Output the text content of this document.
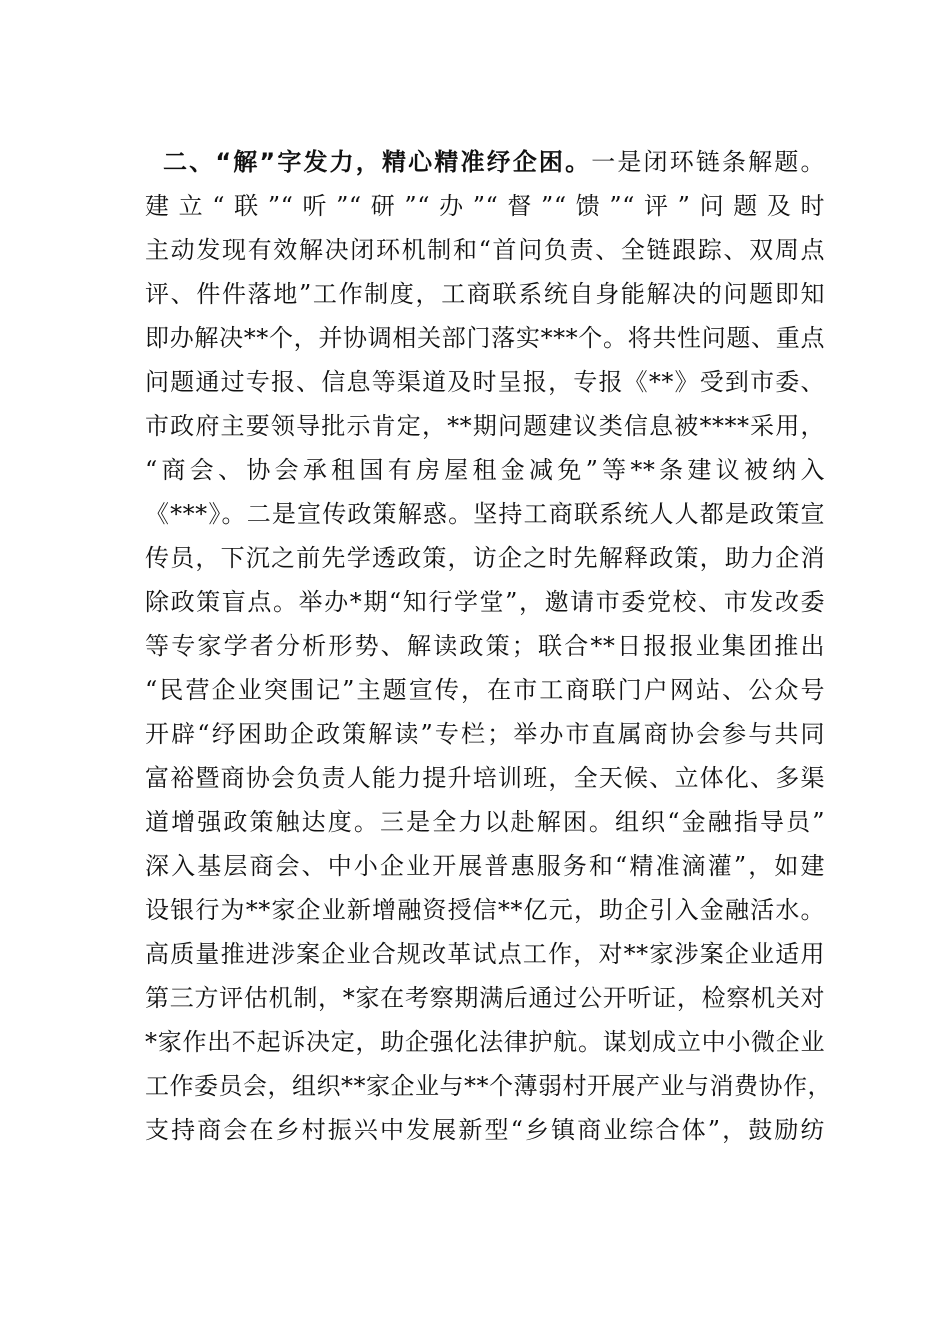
二、“解”字发力，精心精准纾企困。一是闭环链条解题。
建立“联”“听”“研”“办”“督”“馈”“评”问题及时
主动发现有效解决闭环机制和“首问负责、全链跟踪、双周点
评、件件落地”工作制度，工商联系统自身能解决的问题即知
即办解决**个，并协调相关部门落实***个。将共性问题、重点
问题通过专报、信息等渠道及时呈报，专报《**》受到市委、
市政府主要领导批示肯定，**期问题建议类信息被****采用，
“商会、协会承租国有房屋租金减免”等**条建议被纳入
《***》。二是宣传政策解惑。坚持工商联系统人人都是政策宣
传员，下沉之前先学透政策，访企之时先解释政策，助力企消
除政策盲点。举办*期“知行学堂”，邀请市委党校、市发改委
等专家学者分析形势、解读政策；联合**日报报业集团推出
“民营企业突围记”主题宣传，在市工商联门户网站、公众号
开辟“纾困助企政策解读”专栏；举办市直属商协会参与共同
富裕暨商协会负责人能力提升培训班，全天候、立体化、多渠
道增强政策触达度。三是全力以赴解困。组织“金融指导员”
深入基层商会、中小企业开展普惠服务和“精准滴灌”，如建
设银行为**家企业新增融资授信**亿元，助企引入金融活水。
高质量推进涉案企业合规改革试点工作，对**家涉案企业适用
第三方评估机制，*家在考察期满后通过公开听证，检察机关对
*家作出不起诉决定，助企强化法律护航。谋划成立中小微企业
工作委员会，组织**家企业与**个薄弱村开展产业与消费协作，
支持商会在乡村振兴中发展新型“乡镇商业综合体”，鼓励纺
